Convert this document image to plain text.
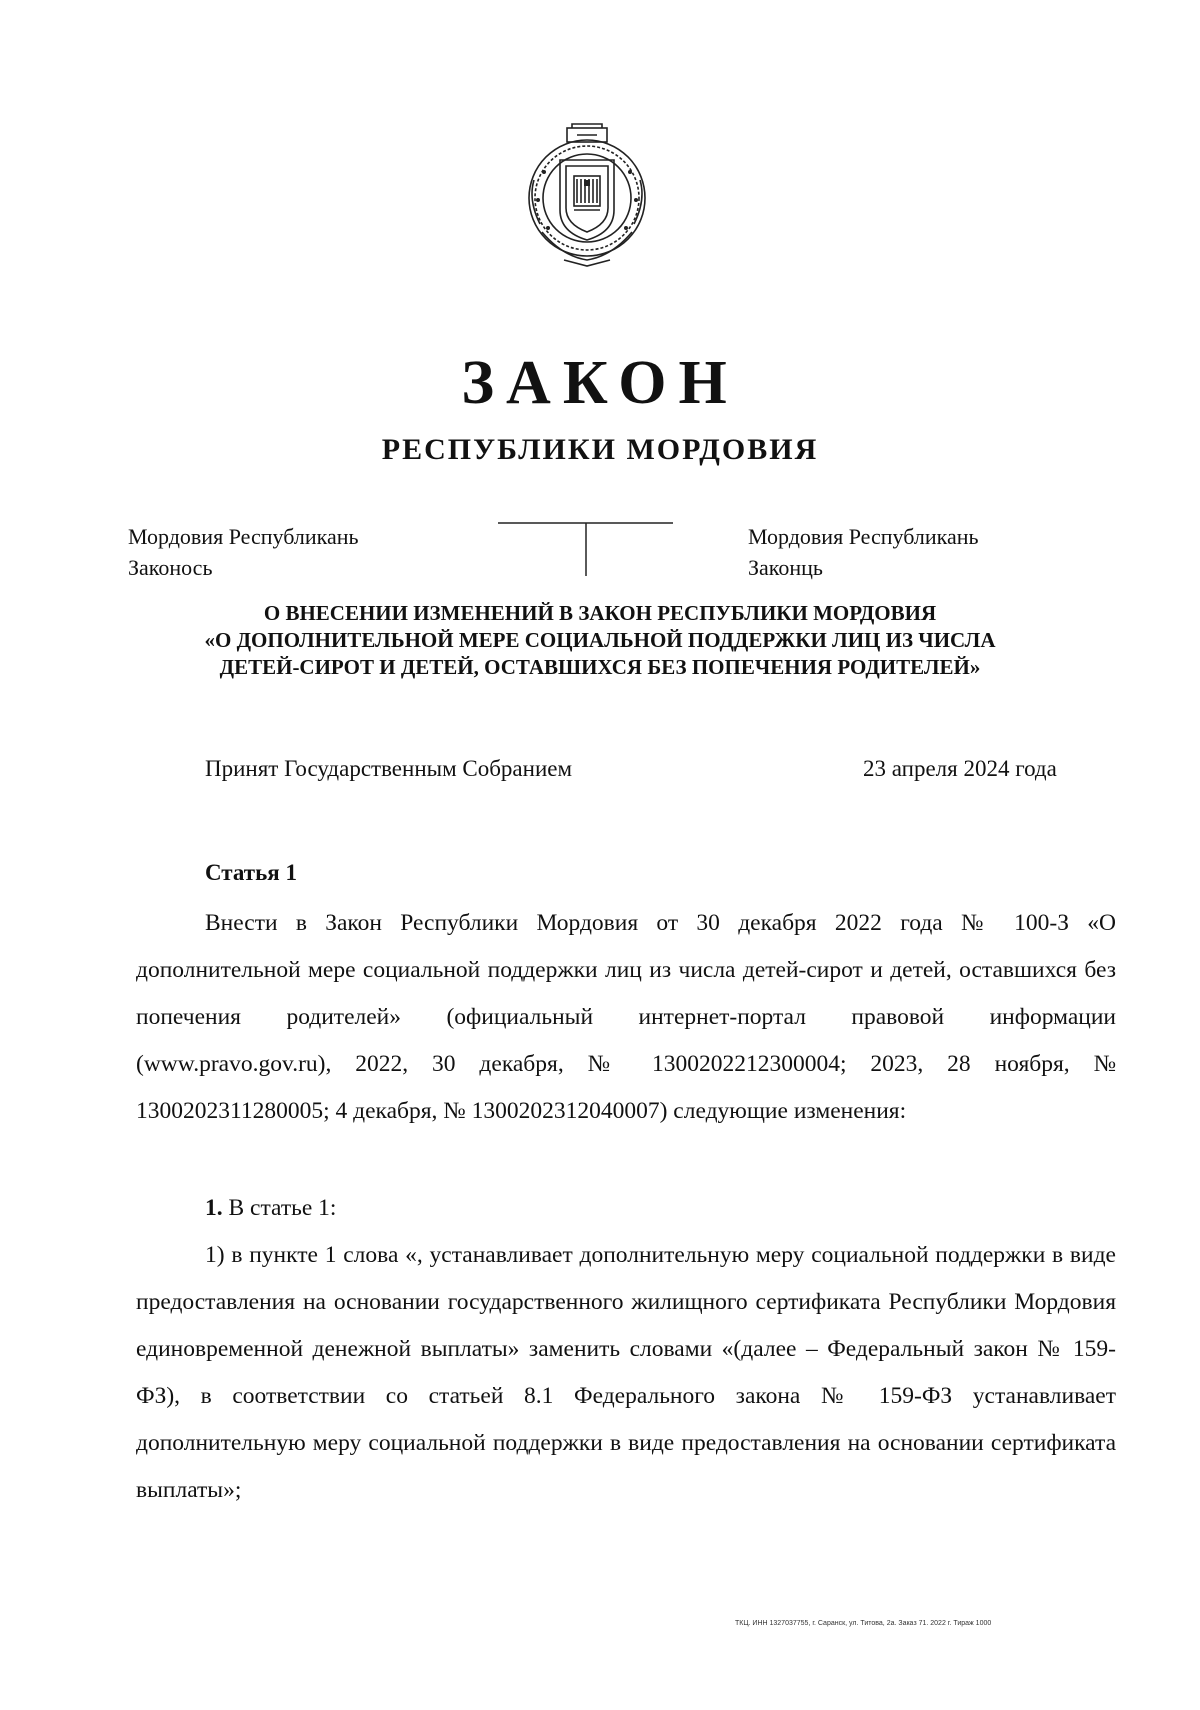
ЗАКОН
РЕСПУБЛИКИ МОРДОВИЯ
Мордовия Республикань
Законось
Мордовия Республикань
Законць
О ВНЕСЕНИИ ИЗМЕНЕНИЙ В ЗАКОН РЕСПУБЛИКИ МОРДОВИЯ
«О ДОПОЛНИТЕЛЬНОЙ МЕРЕ СОЦИАЛЬНОЙ ПОДДЕРЖКИ ЛИЦ ИЗ ЧИСЛА
ДЕТЕЙ-СИРОТ И ДЕТЕЙ, ОСТАВШИХСЯ БЕЗ ПОПЕЧЕНИЯ РОДИТЕЛЕЙ»
Принят Государственным Собранием	23 апреля 2024 года
Статья 1

Внести в Закон Республики Мордовия от 30 декабря 2022 года № 100-З «О дополнительной мере социальной поддержки лиц из числа детей-сирот и детей, оставшихся без попечения родителей» (официальный интернет-портал правовой информации (www.pravo.gov.ru), 2022, 30 декабря, № 1300202212300004; 2023, 28 ноября, № 1300202311280005; 4 декабря, № 1300202312040007) следующие изменения:

1. В статье 1:

1) в пункте 1 слова «, устанавливает дополнительную меру социальной поддержки в виде предоставления на основании государственного жилищного сертификата Республики Мордовия единовременной денежной выплаты» заменить словами «(далее – Федеральный закон № 159-ФЗ), в соответствии со статьей 8.1 Федерального закона № 159-ФЗ устанавливает дополнительную меру социальной поддержки в виде предоставления на основании сертификата выплаты»;

ТКЦ. ИНН 1327037755, г. Саранск, ул. Титова, 2а. Закaз 71. 2022 г. Тираж 1000
